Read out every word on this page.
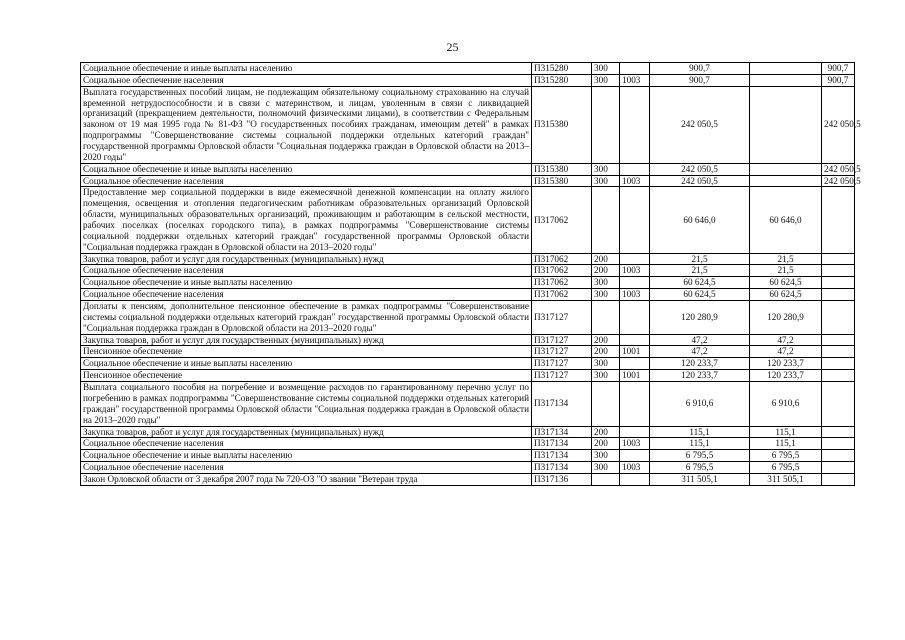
25
Социальное обеспечение и иные выплаты населению	П315280	300		900,7		900,7
Социальное обеспечение населения	П315280	300	1003	900,7		900,7
Выплата государственных пособий лицам, не подлежащим обязательному социальному страхованию на случай временной нетрудоспособности и в связи с материнством, и лицам, уволенным в связи с ликвидацией организаций (прекращением деятельности, полномочий физическими лицами), в соответствии с Федеральным законом от 19 мая 1995 года № 81-ФЗ "О государственных пособиях гражданам, имеющим детей" в рамках подпрограммы "Совершенствование системы социальной поддержки отдельных категорий граждан" государственной программы Орловской области "Социальная поддержка граждан в Орловской области на 2013–2020 годы"	П315380			242 050,5		242 050,5
Социальное обеспечение и иные выплаты населению	П315380	300		242 050,5		242 050,5
Социальное обеспечение населения	П315380	300	1003	242 050,5		242 050,5
Предоставление мер социальной поддержки в виде ежемесячной денежной компенсации на оплату жилого помещения, освещения и отопления педагогическим работникам образовательных организаций Орловской области, муниципальных образовательных организаций, проживающим и работающим в сельской местности, рабочих поселках (поселках городского типа), в рамках подпрограммы "Совершенствование системы социальной поддержки отдельных категорий граждан" государственной программы Орловской области "Социальная поддержка граждан в Орловской области на 2013–2020 годы"	П317062			60 646,0	60 646,0	
Закупка товаров, работ и услуг для государственных (муниципальных) нужд	П317062	200		21,5	21,5	
Социальное обеспечение населения	П317062	200	1003	21,5	21,5	
Социальное обеспечение и иные выплаты населению	П317062	300		60 624,5	60 624,5	
Социальное обеспечение населения	П317062	300	1003	60 624,5	60 624,5	
Доплаты к пенсиям, дополнительное пенсионное обеспечение в рамках подпрограммы "Совершенствование системы социальной поддержки отдельных категорий граждан" государственной программы Орловской области "Социальная поддержка граждан в Орловской области на 2013–2020 годы"	П317127			120 280,9	120 280,9	
Закупка товаров, работ и услуг для государственных (муниципальных) нужд	П317127	200		47,2	47,2	
Пенсионное обеспечение	П317127	200	1001	47,2	47,2	
Социальное обеспечение и иные выплаты населению	П317127	300		120 233,7	120 233,7	
Пенсионное обеспечение	П317127	300	1001	120 233,7	120 233,7	
Выплата социального пособия на погребение и возмещение расходов по гарантированному перечню услуг по погребению в рамках подпрограммы "Совершенствование системы социальной поддержки отдельных категорий граждан" государственной программы Орловской области "Социальная поддержка граждан в Орловской области на 2013–2020 годы"	П317134			6 910,6	6 910,6	
Закупка товаров, работ и услуг для государственных (муниципальных) нужд	П317134	200		115,1	115,1	
Социальное обеспечение населения	П317134	200	1003	115,1	115,1	
Социальное обеспечение и иные выплаты населению	П317134	300		6 795,5	6 795,5	
Социальное обеспечение населения	П317134	300	1003	6 795,5	6 795,5	
Закон Орловской области от 3 декабря 2007 года № 720-ОЗ "О звании "Ветеран труда	П317136			311 505,1	311 505,1	
